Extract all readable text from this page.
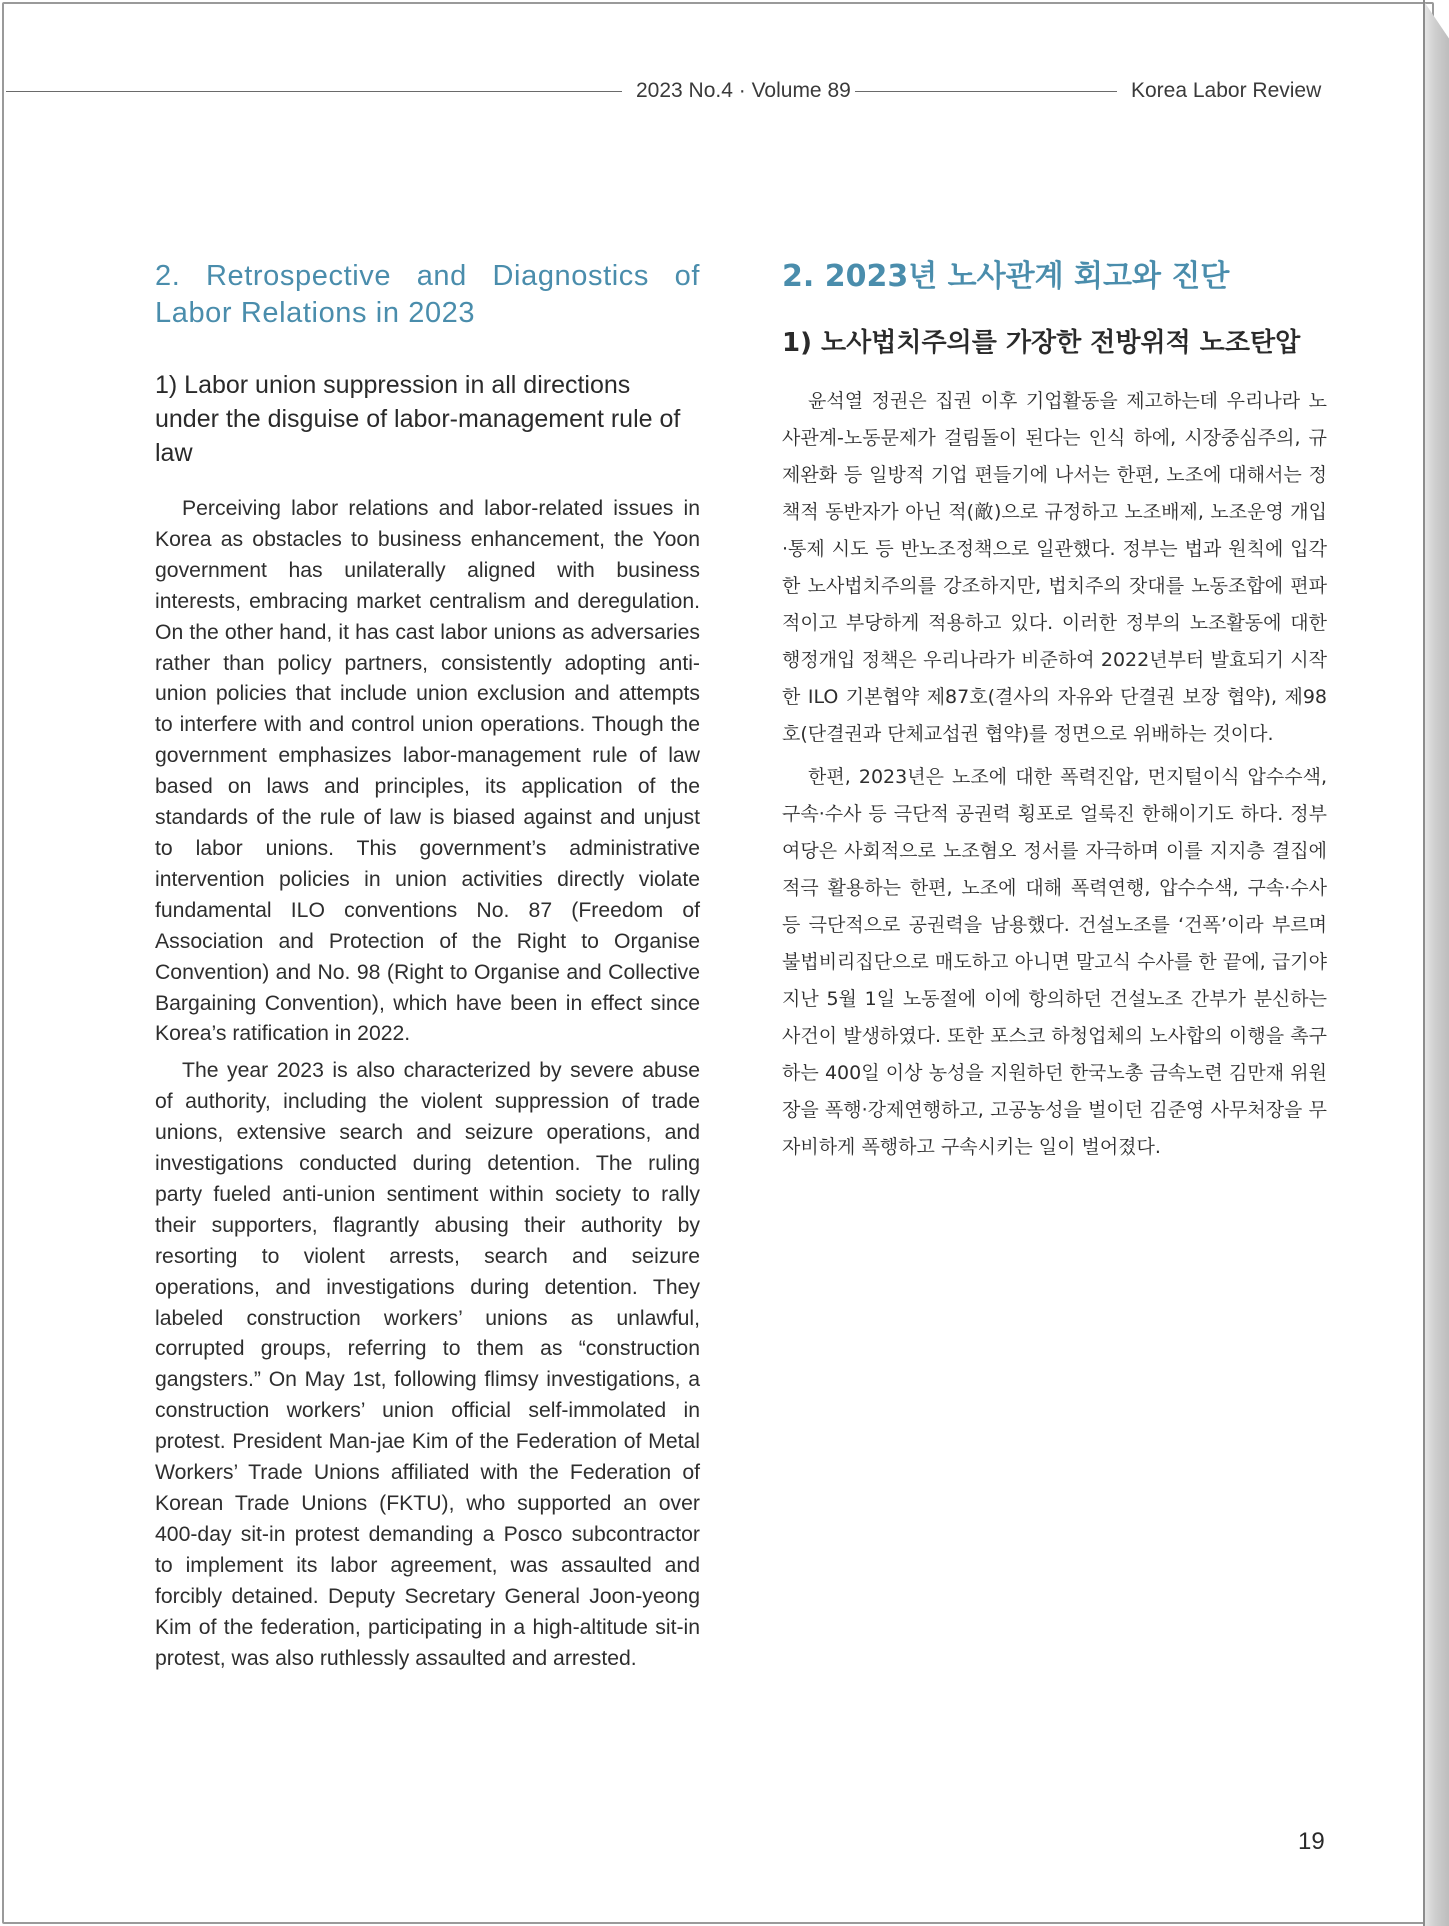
2023 No.4 · Volume 89	Korea Labor Review
2. Retrospective and Diagnostics of Labor Relations in 2023
1) Labor union suppression in all directions under the disguise of labor-management rule of law

Perceiving labor relations and labor-related issues in Korea as obstacles to business enhancement, the Yoon government has unilaterally aligned with business interests, embracing market centralism and deregulation. On the other hand, it has cast labor unions as adversaries rather than policy partners, consistently adopting anti-union policies that include union exclusion and attempts to interfere with and control union operations. Though the government emphasizes labor-management rule of law based on laws and principles, its application of the standards of the rule of law is biased against and unjust to labor unions. This government’s administrative intervention policies in union activities directly violate fundamental ILO conventions No. 87 (Freedom of Association and Protection of the Right to Organise Convention) and No. 98 (Right to Organise and Collective Bargaining Convention), which have been in effect since Korea’s ratification in 2022.

The year 2023 is also characterized by severe abuse of authority, including the violent suppression of trade unions, extensive search and seizure operations, and investigations conducted during detention. The ruling party fueled anti-union sentiment within society to rally their supporters, flagrantly abusing their authority by resorting to violent arrests, search and seizure operations, and investigations during detention. They labeled construction workers’ unions as unlawful, corrupted groups, referring to them as “construction gangsters.” On May 1st, following flimsy investigations, a construction workers’ union official self-immolated in protest. President Man-jae Kim of the Federation of Metal Workers’ Trade Unions affiliated with the Federation of Korean Trade Unions (FKTU), who supported an over 400-day sit-in protest demanding a Posco subcontractor to implement its labor agreement, was assaulted and forcibly detained. Deputy Secretary General Joon-yeong Kim of the federation, participating in a high-altitude sit-in protest, was also ruthlessly assaulted and arrested.

2. 2023년 노사관계 회고와 진단
1) 노사법치주의를 가장한 전방위적 노조탄압

윤석열 정권은 집권 이후 기업활동을 제고하는데 우리나라 노사관계-노동문제가 걸림돌이 된다는 인식 하에, 시장중심주의, 규제완화 등 일방적 기업 편들기에 나서는 한편, 노조에 대해서는 정책적 동반자가 아닌 적(敵)으로 규정하고 노조배제, 노조운영 개입·통제 시도 등 반노조정책으로 일관했다. 정부는 법과 원칙에 입각한 노사법치주의를 강조하지만, 법치주의 잣대를 노동조합에 편파적이고 부당하게 적용하고 있다. 이러한 정부의 노조활동에 대한 행정개입 정책은 우리나라가 비준하여 2022년부터 발효되기 시작한 ILO 기본협약 제87호(결사의 자유와 단결권 보장 협약), 제98호(단결권과 단체교섭권 협약)를 정면으로 위배하는 것이다.

한편, 2023년은 노조에 대한 폭력진압, 먼지털이식 압수수색, 구속·수사 등 극단적 공권력 횡포로 얼룩진 한해이기도 하다. 정부여당은 사회적으로 노조혐오 정서를 자극하며 이를 지지층 결집에 적극 활용하는 한편, 노조에 대해 폭력연행, 압수수색, 구속·수사 등 극단적으로 공권력을 남용했다. 건설노조를 ‘건폭’이라 부르며 불법비리집단으로 매도하고 아니면 말고식 수사를 한 끝에, 급기야 지난 5월 1일 노동절에 이에 항의하던 건설노조 간부가 분신하는 사건이 발생하였다. 또한 포스코 하청업체의 노사합의 이행을 촉구하는 400일 이상 농성을 지원하던 한국노총 금속노련 김만재 위원장을 폭행·강제연행하고, 고공농성을 벌이던 김준영 사무처장을 무자비하게 폭행하고 구속시키는 일이 벌어졌다.

19
